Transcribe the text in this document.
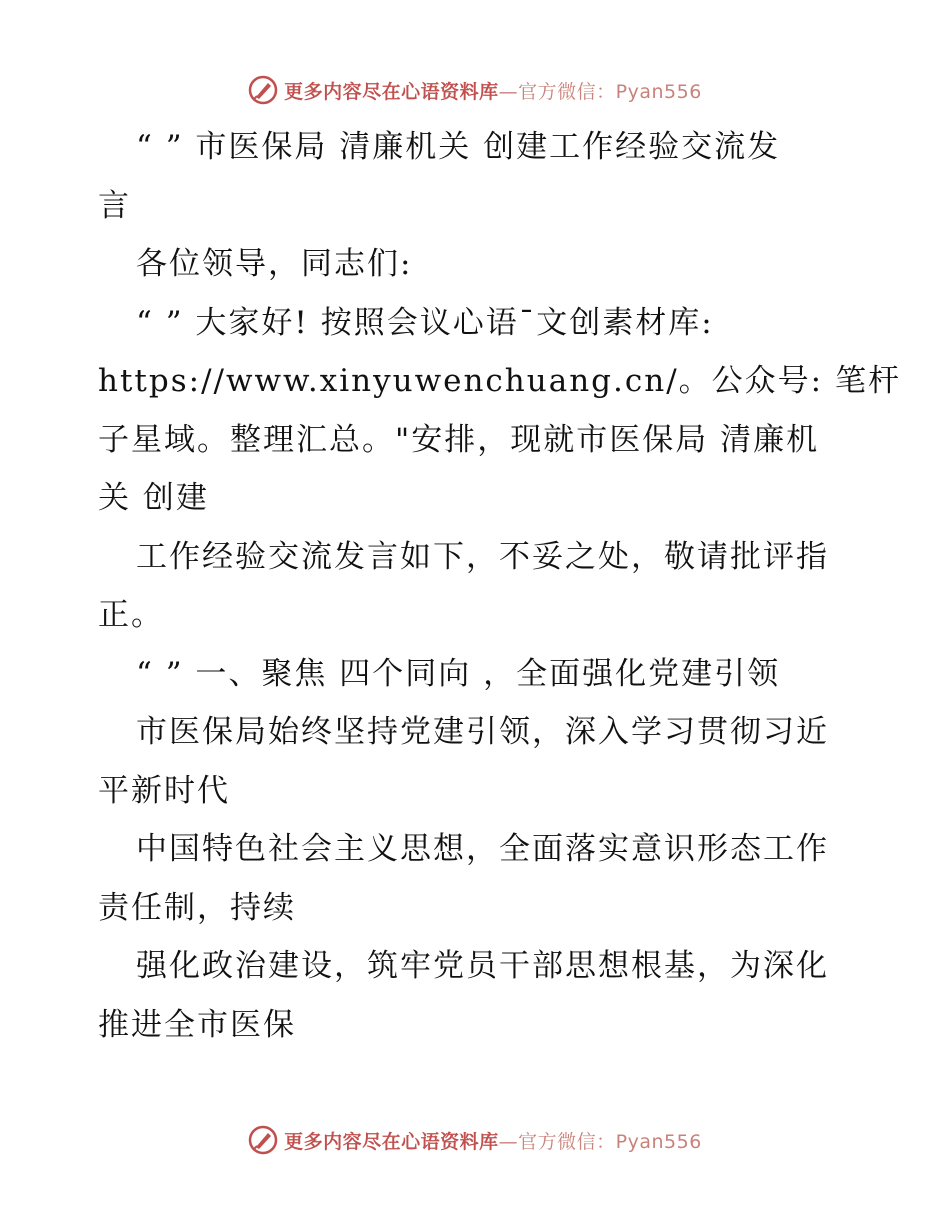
更多内容尽在心语资料库—官方微信：Pyan556
“ ” 市医保局 清廉机关 创建工作经验交流发
言
各位领导，同志们:
“ ” 大家好! 按照会议心语¯文创素材库:
https://www.xinyuwenchuang.cn/。公众号: 笔杆
子星域。整理汇总。"安排，现就市医保局 清廉机
关 创建
工作经验交流发言如下，不妥之处，敬请批评指
正。
“ ” 一、聚焦 四个同向 ，全面强化党建引领
市医保局始终坚持党建引领，深入学习贯彻习近
平新时代
中国特色社会主义思想，全面落实意识形态工作
责任制，持续
强化政治建设，筑牢党员干部思想根基，为深化
推进全市医保
更多内容尽在心语资料库—官方微信：Pyan556
